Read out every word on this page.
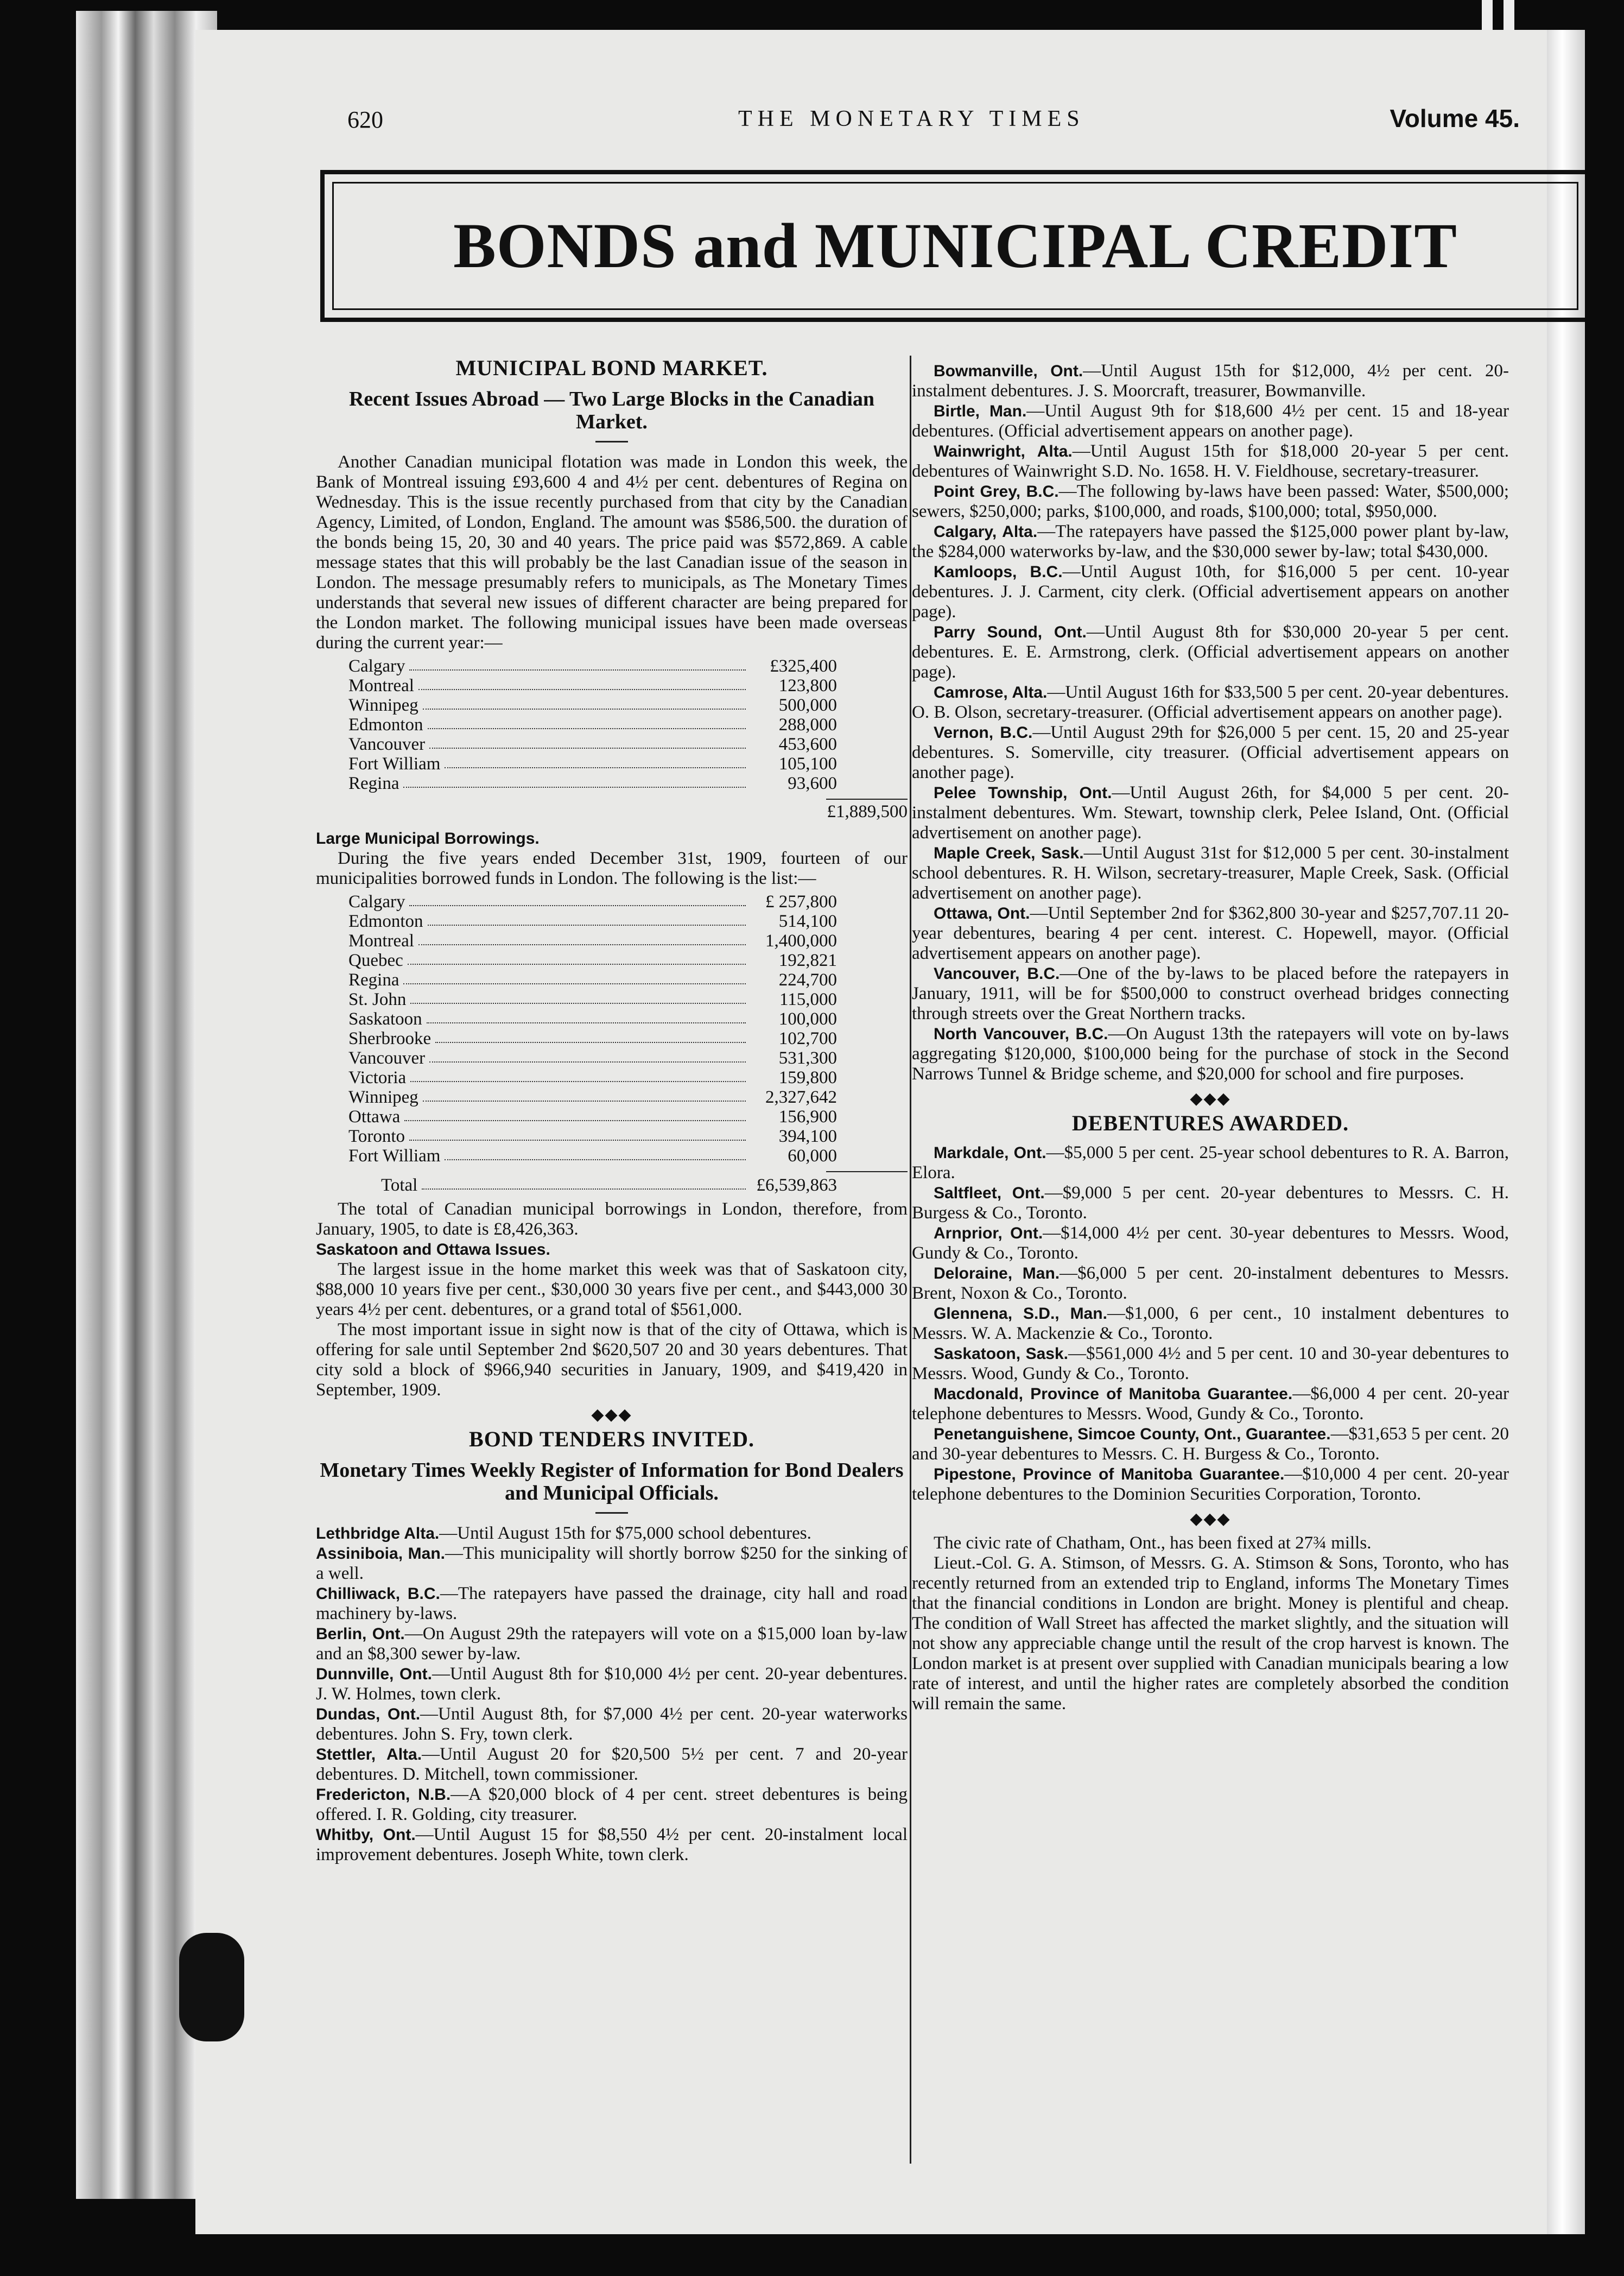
620	THE MONETARY TIMES	Volume 45.
BONDS and MUNICIPAL CREDIT
MUNICIPAL BOND MARKET.
Recent Issues Abroad — Two Large Blocks in the Canadian Market.

Another Canadian municipal flotation was made in London this week, the Bank of Montreal issuing £93,600 4 and 4½ per cent. debentures of Regina on Wednesday. This is the issue recently purchased from that city by the Canadian Agency, Limited, of London, England. The amount was $586,500. the duration of the bonds being 15, 20, 30 and 40 years. The price paid was $572,869. A cable message states that this will probably be the last Canadian issue of the season in London. The message presumably refers to municipals, as The Monetary Times understands that several new issues of different character are being prepared for the London market. The following municipal issues have been made overseas during the current year:—

Calgary	£325,400
Montreal	123,800
Winnipeg	500,000
Edmonton	288,000
Vancouver	453,600
Fort William	105,100
Regina	93,600
£1,889,500
Large Municipal Borrowings.

During the five years ended December 31st, 1909, fourteen of our municipalities borrowed funds in London. The following is the list:—

Calgary	£ 257,800
Edmonton	514,100
Montreal	1,400,000
Quebec	192,821
Regina	224,700
St. John	115,000
Saskatoon	100,000
Sherbrooke	102,700
Vancouver	531,300
Victoria	159,800
Winnipeg	2,327,642
Ottawa	156,900
Toronto	394,100
Fort William	60,000
Total	£6,539,863

The total of Canadian municipal borrowings in London, therefore, from January, 1905, to date is £8,426,363.

Saskatoon and Ottawa Issues.

The largest issue in the home market this week was that of Saskatoon city, $88,000 10 years five per cent., $30,000 30 years five per cent., and $443,000 30 years 4½ per cent. debentures, or a grand total of $561,000.

The most important issue in sight now is that of the city of Ottawa, which is offering for sale until September 2nd $620,507 20 and 30 years debentures. That city sold a block of $966,940 securities in January, 1909, and $419,420 in September, 1909.

◆◆◆
BOND TENDERS INVITED.
Monetary Times Weekly Register of Information for Bond Dealers and Municipal Officials.

Lethbridge Alta.—Until August 15th for $75,000 school debentures.

Assiniboia, Man.—This municipality will shortly borrow $250 for the sinking of a well.

Chilliwack, B.C.—The ratepayers have passed the drainage, city hall and road machinery by-laws.

Berlin, Ont.—On August 29th the ratepayers will vote on a $15,000 loan by-law and an $8,300 sewer by-law.

Dunnville, Ont.—Until August 8th for $10,000 4½ per cent. 20-year debentures. J. W. Holmes, town clerk.

Dundas, Ont.—Until August 8th, for $7,000 4½ per cent. 20-year waterworks debentures. John S. Fry, town clerk.

Stettler, Alta.—Until August 20 for $20,500 5½ per cent. 7 and 20-year debentures. D. Mitchell, town commissioner.

Fredericton, N.B.—A $20,000 block of 4 per cent. street debentures is being offered. I. R. Golding, city treasurer.

Whitby, Ont.—Until August 15 for $8,550 4½ per cent. 20-instalment local improvement debentures. Joseph White, town clerk.

Bowmanville, Ont.—Until August 15th for $12,000, 4½ per cent. 20-instalment debentures. J. S. Moorcraft, treasurer, Bowmanville.

Birtle, Man.—Until August 9th for $18,600 4½ per cent. 15 and 18-year debentures. (Official advertisement appears on another page).

Wainwright, Alta.—Until August 15th for $18,000 20-year 5 per cent. debentures of Wainwright S.D. No. 1658. H. V. Fieldhouse, secretary-treasurer.

Point Grey, B.C.—The following by-laws have been passed: Water, $500,000; sewers, $250,000; parks, $100,000, and roads, $100,000; total, $950,000.

Calgary, Alta.—The ratepayers have passed the $125,000 power plant by-law, the $284,000 waterworks by-law, and the $30,000 sewer by-law; total $430,000.

Kamloops, B.C.—Until August 10th, for $16,000 5 per cent. 10-year debentures. J. J. Carment, city clerk. (Official advertisement appears on another page).

Parry Sound, Ont.—Until August 8th for $30,000 20-year 5 per cent. debentures. E. E. Armstrong, clerk. (Official advertisement appears on another page).

Camrose, Alta.—Until August 16th for $33,500 5 per cent. 20-year debentures. O. B. Olson, secretary-treasurer. (Official advertisement appears on another page).

Vernon, B.C.—Until August 29th for $26,000 5 per cent. 15, 20 and 25-year debentures. S. Somerville, city treasurer. (Official advertisement appears on another page).

Pelee Township, Ont.—Until August 26th, for $4,000 5 per cent. 20-instalment debentures. Wm. Stewart, township clerk, Pelee Island, Ont. (Official advertisement on another page).

Maple Creek, Sask.—Until August 31st for $12,000 5 per cent. 30-instalment school debentures. R. H. Wilson, secretary-treasurer, Maple Creek, Sask. (Official advertisement on another page).

Ottawa, Ont.—Until September 2nd for $362,800 30-year and $257,707.11 20-year debentures, bearing 4 per cent. interest. C. Hopewell, mayor. (Official advertisement appears on another page).

Vancouver, B.C.—One of the by-laws to be placed before the ratepayers in January, 1911, will be for $500,000 to construct overhead bridges connecting through streets over the Great Northern tracks.

North Vancouver, B.C.—On August 13th the ratepayers will vote on by-laws aggregating $120,000, $100,000 being for the purchase of stock in the Second Narrows Tunnel & Bridge scheme, and $20,000 for school and fire purposes.

◆◆◆
DEBENTURES AWARDED.

Markdale, Ont.—$5,000 5 per cent. 25-year school debentures to R. A. Barron, Elora.

Saltfleet, Ont.—$9,000 5 per cent. 20-year debentures to Messrs. C. H. Burgess & Co., Toronto.

Arnprior, Ont.—$14,000 4½ per cent. 30-year debentures to Messrs. Wood, Gundy & Co., Toronto.

Deloraine, Man.—$6,000 5 per cent. 20-instalment debentures to Messrs. Brent, Noxon & Co., Toronto.

Glennena, S.D., Man.—$1,000, 6 per cent., 10 instalment debentures to Messrs. W. A. Mackenzie & Co., Toronto.

Saskatoon, Sask.—$561,000 4½ and 5 per cent. 10 and 30-year debentures to Messrs. Wood, Gundy & Co., Toronto.

Macdonald, Province of Manitoba Guarantee.—$6,000 4 per cent. 20-year telephone debentures to Messrs. Wood, Gundy & Co., Toronto.

Penetanguishene, Simcoe County, Ont., Guarantee.—$31,653 5 per cent. 20 and 30-year debentures to Messrs. C. H. Burgess & Co., Toronto.

Pipestone, Province of Manitoba Guarantee.—$10,000 4 per cent. 20-year telephone debentures to the Dominion Securities Corporation, Toronto.

◆◆◆

The civic rate of Chatham, Ont., has been fixed at 27¾ mills.

Lieut.-Col. G. A. Stimson, of Messrs. G. A. Stimson & Sons, Toronto, who has recently returned from an extended trip to England, informs The Monetary Times that the financial conditions in London are bright. Money is plentiful and cheap. The condition of Wall Street has affected the market slightly, and the situation will not show any appreciable change until the result of the crop harvest is known. The London market is at present over supplied with Canadian municipals bearing a low rate of interest, and until the higher rates are completely absorbed the condition will remain the same.
